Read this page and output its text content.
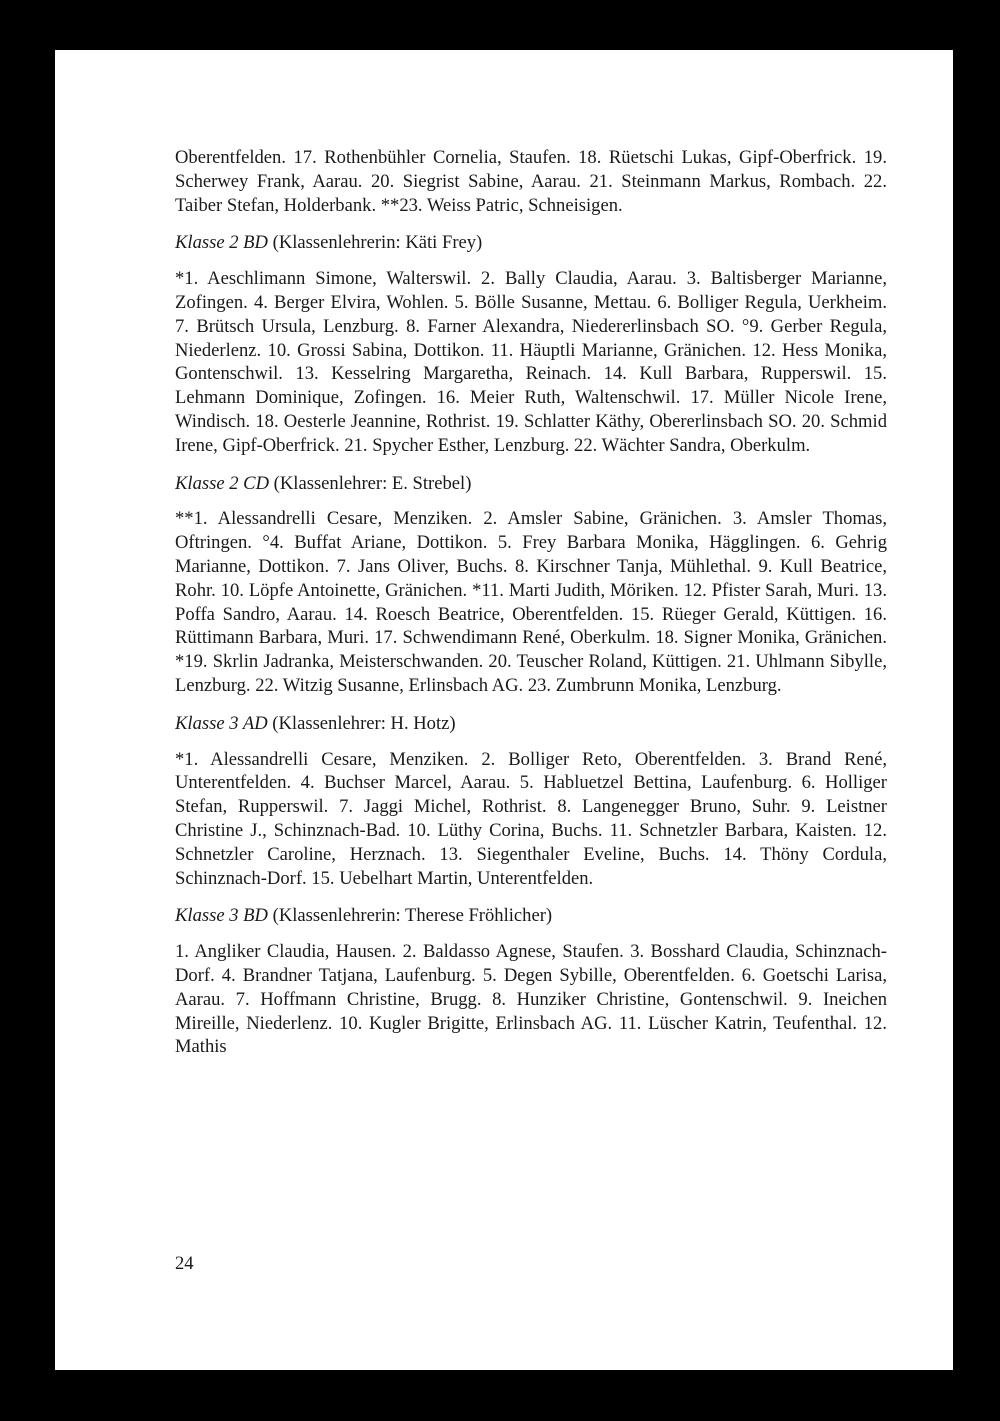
Oberentfelden. 17. Rothenbühler Cornelia, Staufen. 18. Rüetschi Lukas, Gipf-Oberfrick. 19. Scherwey Frank, Aarau. 20. Siegrist Sabine, Aarau. 21. Steinmann Markus, Rombach. 22. Taiber Stefan, Holderbank. **23. Weiss Patric, Schneisigen.

Klasse 2 BD (Klassenlehrerin: Käti Frey)

*1. Aeschlimann Simone, Walterswil. 2. Bally Claudia, Aarau. 3. Baltisberger Marianne, Zofingen. 4. Berger Elvira, Wohlen. 5. Bölle Susanne, Mettau. 6. Bolliger Regula, Uerkheim. 7. Brütsch Ursula, Lenzburg. 8. Farner Alexandra, Niedererlinsbach SO. °9. Gerber Regula, Niederlenz. 10. Grossi Sabina, Dottikon. 11. Häuptli Marianne, Gränichen. 12. Hess Monika, Gontenschwil. 13. Kesselring Margaretha, Reinach. 14. Kull Barbara, Rupperswil. 15. Lehmann Dominique, Zofingen. 16. Meier Ruth, Waltenschwil. 17. Müller Nicole Irene, Windisch. 18. Oesterle Jeannine, Rothrist. 19. Schlatter Käthy, Obererlinsbach SO. 20. Schmid Irene, Gipf-Oberfrick. 21. Spycher Esther, Lenzburg. 22. Wächter Sandra, Oberkulm.

Klasse 2 CD (Klassenlehrer: E. Strebel)

**1. Alessandrelli Cesare, Menziken. 2. Amsler Sabine, Gränichen. 3. Amsler Thomas, Oftringen. °4. Buffat Ariane, Dottikon. 5. Frey Barbara Monika, Hägglingen. 6. Gehrig Marianne, Dottikon. 7. Jans Oliver, Buchs. 8. Kirschner Tanja, Mühlethal. 9. Kull Beatrice, Rohr. 10. Löpfe Antoinette, Gränichen. *11. Marti Judith, Möriken. 12. Pfister Sarah, Muri. 13. Poffa Sandro, Aarau. 14. Roesch Beatrice, Oberentfelden. 15. Rüeger Gerald, Küttigen. 16. Rüttimann Barbara, Muri. 17. Schwendimann René, Oberkulm. 18. Signer Monika, Gränichen. *19. Skrlin Jadranka, Meisterschwanden. 20. Teuscher Roland, Küttigen. 21. Uhlmann Sibylle, Lenzburg. 22. Witzig Susanne, Erlinsbach AG. 23. Zumbrunn Monika, Lenzburg.

Klasse 3 AD (Klassenlehrer: H. Hotz)

*1. Alessandrelli Cesare, Menziken. 2. Bolliger Reto, Oberentfelden. 3. Brand René, Unterentfelden. 4. Buchser Marcel, Aarau. 5. Habluetzel Bettina, Laufenburg. 6. Holliger Stefan, Rupperswil. 7. Jaggi Michel, Rothrist. 8. Langenegger Bruno, Suhr. 9. Leistner Christine J., Schinznach-Bad. 10. Lüthy Corina, Buchs. 11. Schnetzler Barbara, Kaisten. 12. Schnetzler Caroline, Herznach. 13. Siegenthaler Eveline, Buchs. 14. Thöny Cordula, Schinznach-Dorf. 15. Uebelhart Martin, Unterentfelden.

Klasse 3 BD (Klassenlehrerin: Therese Fröhlicher)

1. Angliker Claudia, Hausen. 2. Baldasso Agnese, Staufen. 3. Bosshard Claudia, Schinznach-Dorf. 4. Brandner Tatjana, Laufenburg. 5. Degen Sybille, Oberentfelden. 6. Goetschi Larisa, Aarau. 7. Hoffmann Christine, Brugg. 8. Hunziker Christine, Gontenschwil. 9. Ineichen Mireille, Niederlenz. 10. Kugler Brigitte, Erlinsbach AG. 11. Lüscher Katrin, Teufenthal. 12. Mathis

24
